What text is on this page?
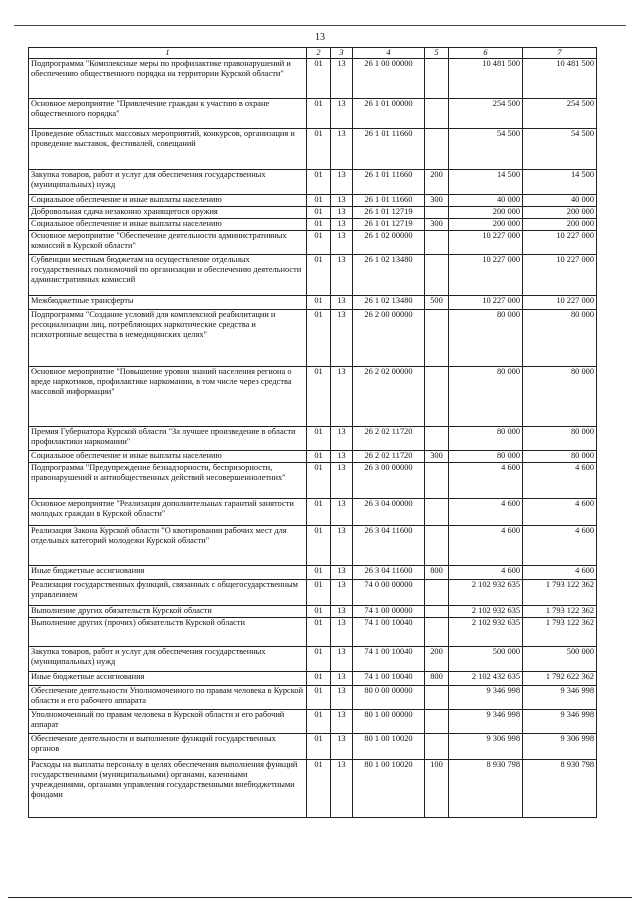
13
1	2	3	4	5	6	7
Подпрограмма "Комплексные меры по профилактике правонарушений и обеспечению общественного порядка на территории Курской области"	01	13	26 1 00 00000		10 481 500	10 481 500
Основное мероприятие "Привлечение граждан к участию в охране общественного порядка"	01	13	26 1 01 00000		254 500	254 500
Проведение областных массовых мероприятий, конкурсов, организация и проведение выставок, фестивалей, совещаний	01	13	26 1 01 11660		54 500	54 500
Закупка товаров, работ и услуг для обеспечения государственных (муниципальных) нужд	01	13	26 1 01 11660	200	14 500	14 500
Социальное обеспечение и иные выплаты населению	01	13	26 1 01 11660	300	40 000	40 000
Добровольная сдача незаконно хранящегося оружия	01	13	26 1 01 12719		200 000	200 000
Социальное обеспечение и иные выплаты населению	01	13	26 1 01 12719	300	200 000	200 000
Основное мероприятие "Обеспечение деятельности административных комиссий в Курской области"	01	13	26 1 02 00000		10 227 000	10 227 000
Субвенции местным бюджетам на осуществление отдельных государственных полномочий по организации и обеспечению деятельности административных комиссий	01	13	26 1 02 13480		10 227 000	10 227 000
Межбюджетные трансферты	01	13	26 1 02 13480	500	10 227 000	10 227 000
Подпрограмма "Создание условий для комплексной реабилитации и ресоциализации лиц, потребляющих наркотические средства и психотропные вещества в немедицинских целях"	01	13	26 2 00 00000		80 000	80 000
Основное мероприятие "Повышение уровня знаний населения региона о вреде наркотиков, профилактике наркомании, в том числе через средства массовой информации"	01	13	26 2 02 00000		80 000	80 000
Премия Губернатора Курской области "За лучшее произведение в области профилактики наркомании"	01	13	26 2 02 11720		80 000	80 000
Социальное обеспечение и иные выплаты населению	01	13	26 2 02 11720	300	80 000	80 000
Подпрограмма "Предупреждение безнадзорности, беспризорности, правонарушений и антиобщественных действий несовершеннолетних"	01	13	26 3 00 00000		4 600	4 600
Основное мероприятие "Реализация дополнительных гарантий занятости молодых граждан в Курской области"	01	13	26 3 04 00000		4 600	4 600
Реализация Закона Курской области "О квотировании рабочих мест для отдельных категорий молодежи Курской области"	01	13	26 3 04 11600		4 600	4 600
Иные бюджетные ассигнования	01	13	26 3 04 11600	800	4 600	4 600
Реализация государственных функций, связанных с общегосударственным управлением	01	13	74 0 00 00000		2 102 932 635	1 793 122 362
Выполнение других обязательств Курской области	01	13	74 1 00 00000		2 102 932 635	1 793 122 362
Выполнение других (прочих) обязательств Курской области	01	13	74 1 00 10040		2 102 932 635	1 793 122 362
Закупка товаров, работ и услуг для обеспечения государственных (муниципальных) нужд	01	13	74 1 00 10040	200	500 000	500 000
Иные бюджетные ассигнования	01	13	74 1 00 10040	800	2 102 432 635	1 792 622 362
Обеспечение деятельности Уполномоченного по правам человека в Курской области и его рабочего аппарата	01	13	80 0 00 00000		9 346 998	9 346 998
Уполномоченный по правам человека в Курской области и его рабочий аппарат	01	13	80 1 00 00000		9 346 998	9 346 998
Обеспечение деятельности и выполнение функций государственных органов	01	13	80 1 00 10020		9 306 998	9 306 998
Расходы на выплаты персоналу в целях обеспечения выполнения функций государственными (муниципальными) органами, казенными учреждениями, органами управления государственными внебюджетными фондами	01	13	80 1 00 10020	100	8 930 798	8 930 798
